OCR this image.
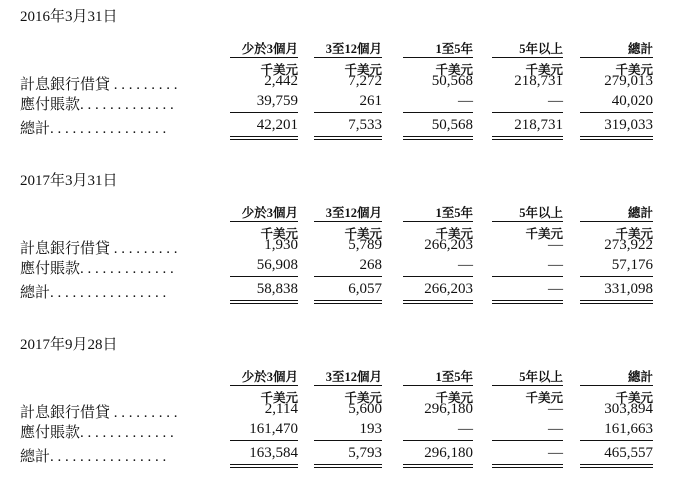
2016年3月31日
少於3個月	3至12個月	1至5年	5年以上	總計
千美元	千美元	千美元	千美元	千美元
計息銀行借貸 . . . . . . . . .	2,442	7,272	50,568	218,731	279,013
應付賬款. . . . . . . . . . . . .	39,759	261	—	—	40,020
總計. . . . . . . . . . . . . . . .	42,201	7,533	50,568	218,731	319,033
2017年3月31日
少於3個月	3至12個月	1至5年	5年以上	總計
千美元	千美元	千美元	千美元	千美元
計息銀行借貸 . . . . . . . . .	1,930	5,789	266,203	—	273,922
應付賬款. . . . . . . . . . . . .	56,908	268	—	—	57,176
總計. . . . . . . . . . . . . . . .	58,838	6,057	266,203	—	331,098
2017年9月28日
少於3個月	3至12個月	1至5年	5年以上	總計
千美元	千美元	千美元	千美元	千美元
計息銀行借貸 . . . . . . . . .	2,114	5,600	296,180	—	303,894
應付賬款. . . . . . . . . . . . .	161,470	193	—	—	161,663
總計. . . . . . . . . . . . . . . .	163,584	5,793	296,180	—	465,557
